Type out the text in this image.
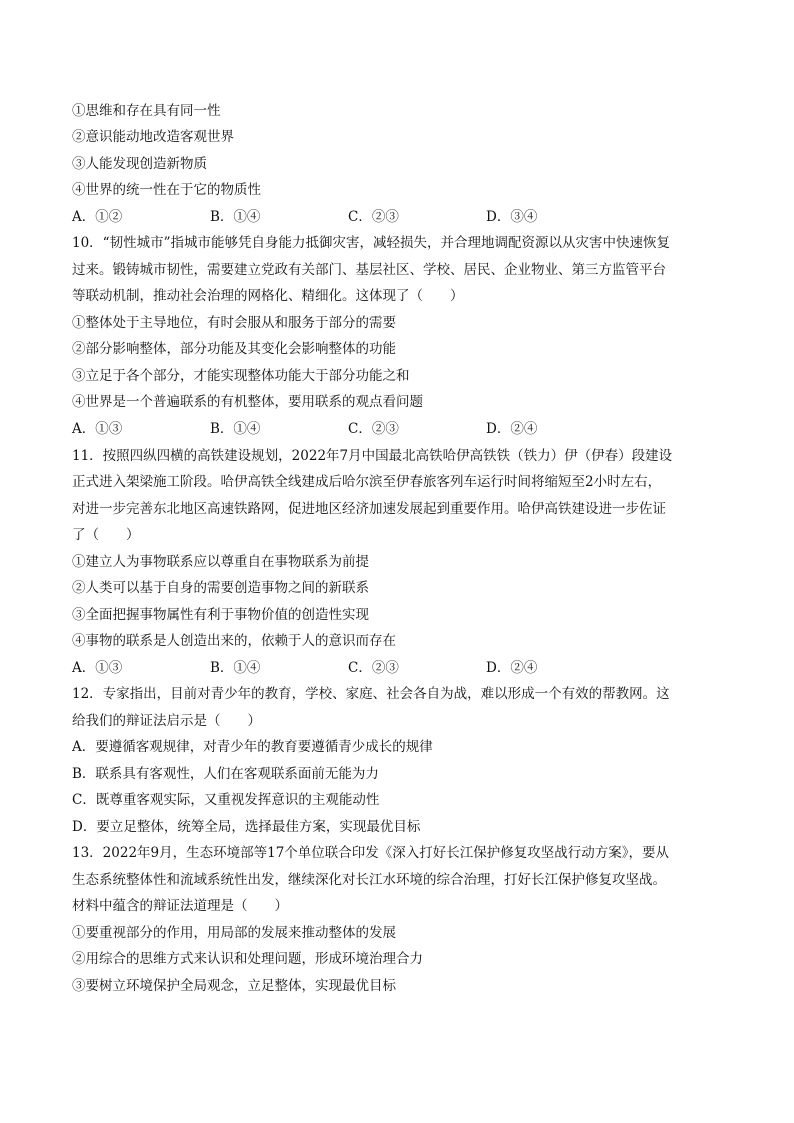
①思维和存在具有同一性
②意识能动地改造客观世界
③人能发现创造新物质
④世界的统一性在于它的物质性
A．①②	B．①④	C．②③	D．③④
10．“韧性城市”指城市能够凭自身能力抵御灾害，减轻损失，并合理地调配资源以从灾害中快速恢复
过来。锻铸城市韧性，需要建立党政有关部门、基层社区、学校、居民、企业物业、第三方监管平台
等联动机制，推动社会治理的网格化、精细化。这体现了（　　）
①整体处于主导地位，有时会服从和服务于部分的需要
②部分影响整体，部分功能及其变化会影响整体的功能
③立足于各个部分，才能实现整体功能大于部分功能之和
④世界是一个普遍联系的有机整体，要用联系的观点看问题
A．①③	B．①④	C．②③	D．②④
11．按照四纵四横的高铁建设规划，2022年7月中国最北高铁哈伊高铁铁（铁力）伊（伊春）段建设
正式进入架梁施工阶段。哈伊高铁全线建成后哈尔滨至伊春旅客列车运行时间将缩短至2小时左右，
对进一步完善东北地区高速铁路网，促进地区经济加速发展起到重要作用。哈伊高铁建设进一步佐证
了（　　）
①建立人为事物联系应以尊重自在事物联系为前提
②人类可以基于自身的需要创造事物之间的新联系
③全面把握事物属性有利于事物价值的创造性实现
④事物的联系是人创造出来的，依赖于人的意识而存在
A．①③	B．①④	C．②③	D．②④
12．专家指出，目前对青少年的教育，学校、家庭、社会各自为战，难以形成一个有效的帮教网。这
给我们的辩证法启示是（　　）
A．要遵循客观规律，对青少年的教育要遵循青少成长的规律
B．联系具有客观性，人们在客观联系面前无能为力
C．既尊重客观实际，又重视发挥意识的主观能动性
D．要立足整体，统筹全局，选择最佳方案，实现最优目标
13．2022年9月，生态环境部等17个单位联合印发《深入打好长江保护修复攻坚战行动方案》，要从
生态系统整体性和流域系统性出发，继续深化对长江水环境的综合治理，打好长江保护修复攻坚战。
材料中蕴含的辩证法道理是（　　）
①要重视部分的作用，用局部的发展来推动整体的发展
②用综合的思维方式来认识和处理问题，形成环境治理合力
③要树立环境保护全局观念，立足整体，实现最优目标
